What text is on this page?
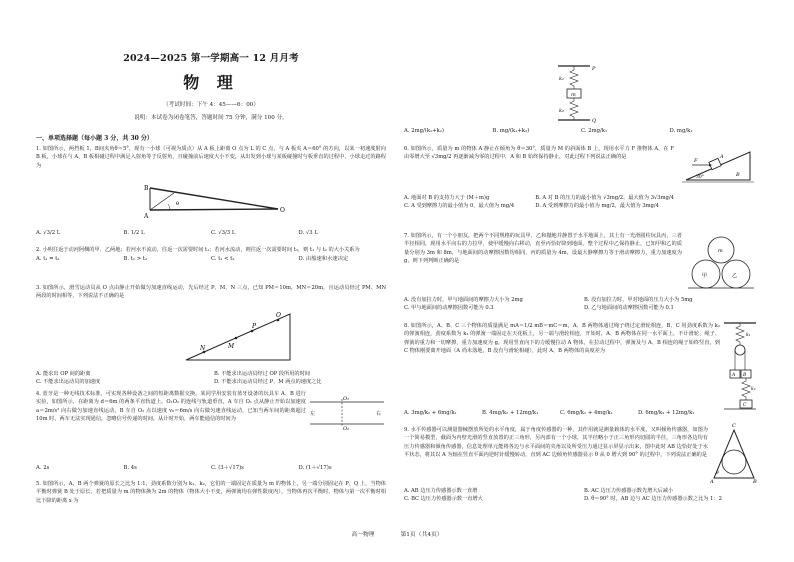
2024—2025 第一学期高一 12 月月考
物 理
（考试时间：下午 4：45——6：00）
说明：本试卷为闭卷笔答，答题时间 75 分钟，满分 100 分。
一、单项选择题（每小题 3 分，共 30 分）
1. 如图所示，两挡板 1，B间夹角θ＝5°，现有一小球（可视为质点）从 A 板上距离 O 点为 L 的 C 点，与 A 板夹 A＝60° 的方向，以某一初速度射向 B 板，小球在与 A，B 板相碰过程中满足入射角等于反射角，且碰撞前后速度大小不变，从出发到小球与某板碰撞时与板垂直的过程中，小球走过的路程为
B
A
O
θ
A. √3/2 L	B. 1/2 L	C. √3/3 L	D. √3 L
2. 小明往返于动河阿侧的甲、乙两地；若河水不流动，往返一次需要时间 t₁；若河水流动，则往返一次需要时间 t₂，则 t₁ 与 t₂ 的大小关系为
A. t₁ = t₂	B. t₁ > t₂	C. t₁ < t₂	D. 由船速和水速决定
3. 如图所示，滑雪运动员从 O 点由静止开始做匀加速直线运动，先后经过 P、M、N 三点，已知 PM＝10m，MN＝20m，且运动员经过 PM、MN 两段的时间相等，下列说法不正确的是
O
P
M
N
A. 能求出 OP 间的距离	B. 不能求出运动员经过 OP 段所用的时间
C. 不能求出运动员的加速度	D. 不能求出运动员经过 P、M 两点的速度之比
4. 蓝牙是一种无线技术标准，可实现各种设备之间的短距离数据交换。某同学用安装有蓝牙设备的玩具车 A、B 进行实验，如图所示，在距离为 d＝6m 的两条平直轨道上，O₁O₂ 的连线与轨道垂直，A 车自 O₁ 点从静止开始以加速度 a＝2m/s² 向右做匀加速直线运动，B 车自 O₂ 点以速度 v₀＝6m/s 向右做匀速直线运动，已知当两车间的距离超过 10m 时，两车无法实现通信，忽略信号传递的时间。从计时开始，两车能通信的时间为
O₁
O₂
左	右
A. 2s	B. 4s	C. (3＋√17)s	D. (1＋√17)s
5. 如图所示，A、B 两个弹簧的原长之比为 1:1，劲度系数分别为 k₁、k₂，它们的一端固定在质量为 m 的物体上，另一端分别固定在 P、Q 上，当物体平衡时弹簧 B 处于原长，若把质量为 m 的物体换为 2m 的物体（物体大小不变，两弹簧均在弹性限度内），当物体再次平衡时，物体与第一次平衡时相比下降的距离 x 为
P
Q
k₁
k₂
m
A. 2mg/(k₁+k₂)	B. mg/(k₁+k₂)	C. 2mg/k₁	D. mg/k₁
6. 如图所示，质量为 m 的物体 A 静止在倾角为 θ＝30°，质量为 M 的斜面体 B 上，现用水平力 F 推物体 A，在 F 由零增大至 √3mg/2 再逐渐减为零的过程中，A 和 B 始终保持静止，对此过程下列说法正确的是
F
A
B
30°
A. 地面对 B 的支持力大于 (M＋m)g	B. A 对 B 的压力的最小值为 √3mg/2，最大值为 3√3mg/4
C. A 受到摩擦力的最小值为 0，最大值为 mg/4	D. A 受到摩擦力的最小值为 mg/2，最大值为 3mg/4
7. 如图所示，有一个小朋友，把两个不同规格的玩具甲、乙和抛地并静置于水平地面上，其上有一光滑圆柱玩具丙，三者半径相同，现用水平向右的力拉甲，使甲缓慢向右移动，直至丙恰好降到地面，整个过程中乙保持静止，已知甲和乙的质量分别为 3m 和 8m，与地面间的动摩擦因数均相同，丙的质量为 4m，设最大静摩擦力等于滑动摩擦力，重力加速度为 g，则下列判断正确的是
m
甲	乙
A. 没有加拉力时，甲与地面间的摩擦力大小为 2mg	B. 没有加拉力时，甲对地面的压力大小为 5mg
C. 甲与地面间的动摩擦因数可能为 0.3	D. 乙与地面间的动摩擦因数可能为 0.1
8. 如图所示，A、B、C 三个物体的质量满足 mA＝1/2 mB＝mC＝m，A、B 两物体通过绳子绕过定滑轮相连，B、C 用劲度系数为 k₂ 的弹簧相连，劲度系数为 k₁ 的弹簧一端固定在天花板上，另一端与滑轮相连，开始时，A、B 两物体在同一水平面上，不计滑轮、绳子、弹簧的重力和一切摩擦，重力加速度为 g，现用竖直向下的力缓慢拉动 A 物体，在拉动过程中，弹簧及与 A、B 相连的绳子始终竖直，到 C 物体刚要离开地面（A 尚未落地，B 没有与滑轮相碰），此时 A、B 两物体的高度差为
k₁
k₂
A B
C
A. 3mg/k₂ + 6mg/k₁	B. 4mg/k₂ + 12mg/k₁	C. 6mg/k₂ + 4mg/k₁	D. 6mg/k₂ + 12mg/k₁
9. 水平传感器可以测量器械摆放所处的水平角度，属于角度传感器的一种，其作用就是测量载体的水平度，又叫倾角传感器，如图为一个简易模型，截面为内壁光滑的竖直放置的正三角形，另内部有一个小球，其半径略小于正三角形内切圆的半径，三角形各边均有压力传感器和倾角传感器，信息处理单元能将各边与水平面间的夹角以及所受压力通过显示屏显示出来，图中此时 AB 边恰好处于水平状态，将其以 A 为轴在竖直平面内逆时针缓慢转动，直到 AC 边倾角传感器显示 θ 从 0 增大到 90° 的过程中，下列说法正确的是
A	B
C
θ
A. AB 边压力传感器示数一直增	B. AC 边压力传感器示数先增大后减小
C. BC 边压力传感器示数一直增大	D. θ＝90° 时，AB 边与 AC 边压力传感器示数之比为 1：2
高一物理	第1页（共4页）
